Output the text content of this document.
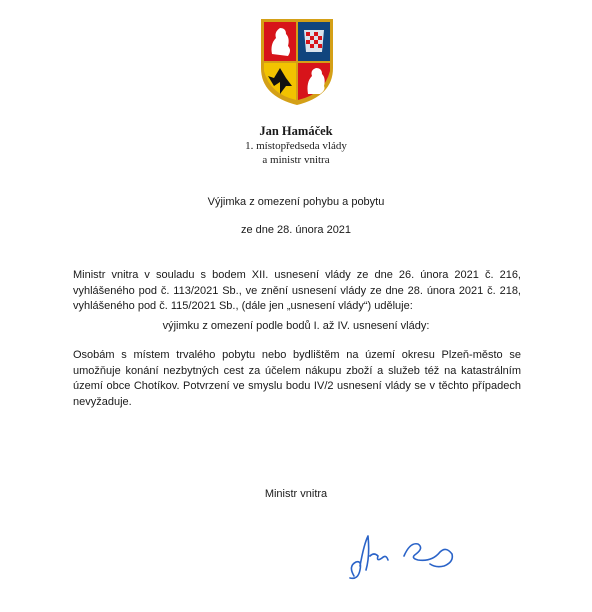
Jan Hamáček
1. místopředseda vlády
a ministr vnitra
Výjimka z omezení pohybu a pobytu
ze dne 28. února 2021
Ministr vnitra v souladu s bodem XII. usnesení vlády ze dne 26. února 2021 č. 216, vyhlášeného pod č. 113/2021 Sb., ve znění usnesení vlády ze dne 28. února 2021 č. 218, vyhlášeného pod č. 115/2021 Sb., (dále jen „usnesení vlády“) uděluje:
výjimku z omezení podle bodů I. až IV. usnesení vlády:
Osobám s místem trvalého pobytu nebo bydlištěm na území okresu Plzeň-město se umožňuje konání nezbytných cest za účelem nákupu zboží a služeb též na katastrálním území obce Chotíkov. Potvrzení ve smyslu bodu IV/2 usnesení vlády se v těchto případech nevyžaduje.
Ministr vnitra
